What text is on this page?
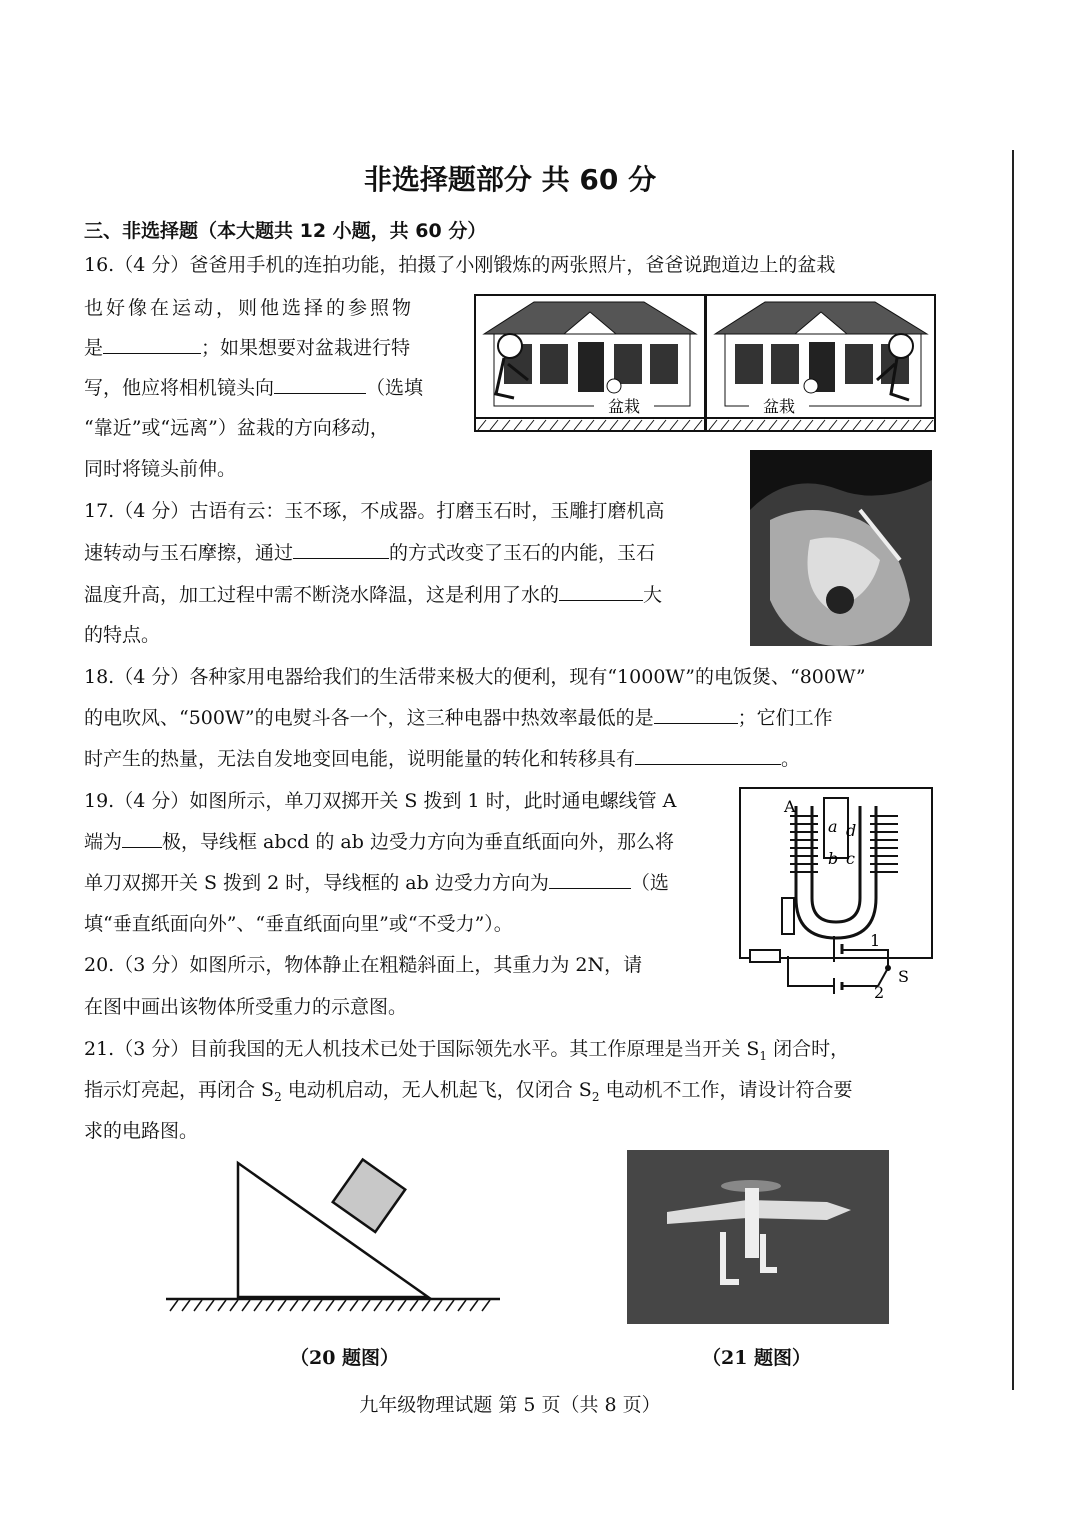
非选择题部分 共 60 分
三、非选择题（本大题共 12 小题，共 60 分）
16.（4 分）爸爸用手机的连拍功能，拍摄了小刚锻炼的两张照片，爸爸说跑道边上的盆栽
也好像在运动，则他选择的参照物
是	；如果想要对盆栽进行特
写，他应将相机镜头向	（选填
“靠近”或“远离”）盆栽的方向移动，
同时将镜头前伸。
盆栽	盆栽
17.（4 分）古语有云：玉不琢，不成器。打磨玉石时，玉雕打磨机高
速转动与玉石摩擦，通过	的方式改变了玉石的内能，玉石
温度升高，加工过程中需不断浇水降温，这是利用了水的	大
的特点。
18.（4 分）各种家用电器给我们的生活带来极大的便利，现有“1000W”的电饭煲、“800W”
的电吹风、“500W”的电熨斗各一个，这三种电器中热效率最低的是	；它们工作
时产生的热量，无法自发地变回电能，说明能量的转化和转移具有	。
19.（4 分）如图所示，单刀双掷开关 S 拨到 1 时，此时通电螺线管 A
端为 极，导线框 abcd 的 ab 边受力方向为垂直纸面向外，那么将
单刀双掷开关 S 拨到 2 时，导线框的 ab 边受力方向为	（选
填“垂直纸面向外”、“垂直纸面向里”或“不受力”）。
A
a d
b c
1
S
2
20.（3 分）如图所示，物体静止在粗糙斜面上，其重力为 2N，请
在图中画出该物体所受重力的示意图。
21.（3 分）目前我国的无人机技术已处于国际领先水平。其工作原理是当开关 $S_1$ 闭合时，
指示灯亮起，再闭合 $S_2$ 电动机启动，无人机起飞，仅闭合 $S_2$ 电动机不工作，请设计符合要
求的电路图。
（20 题图）	（21 题图）
九年级物理试题 第 5 页（共 8 页）
